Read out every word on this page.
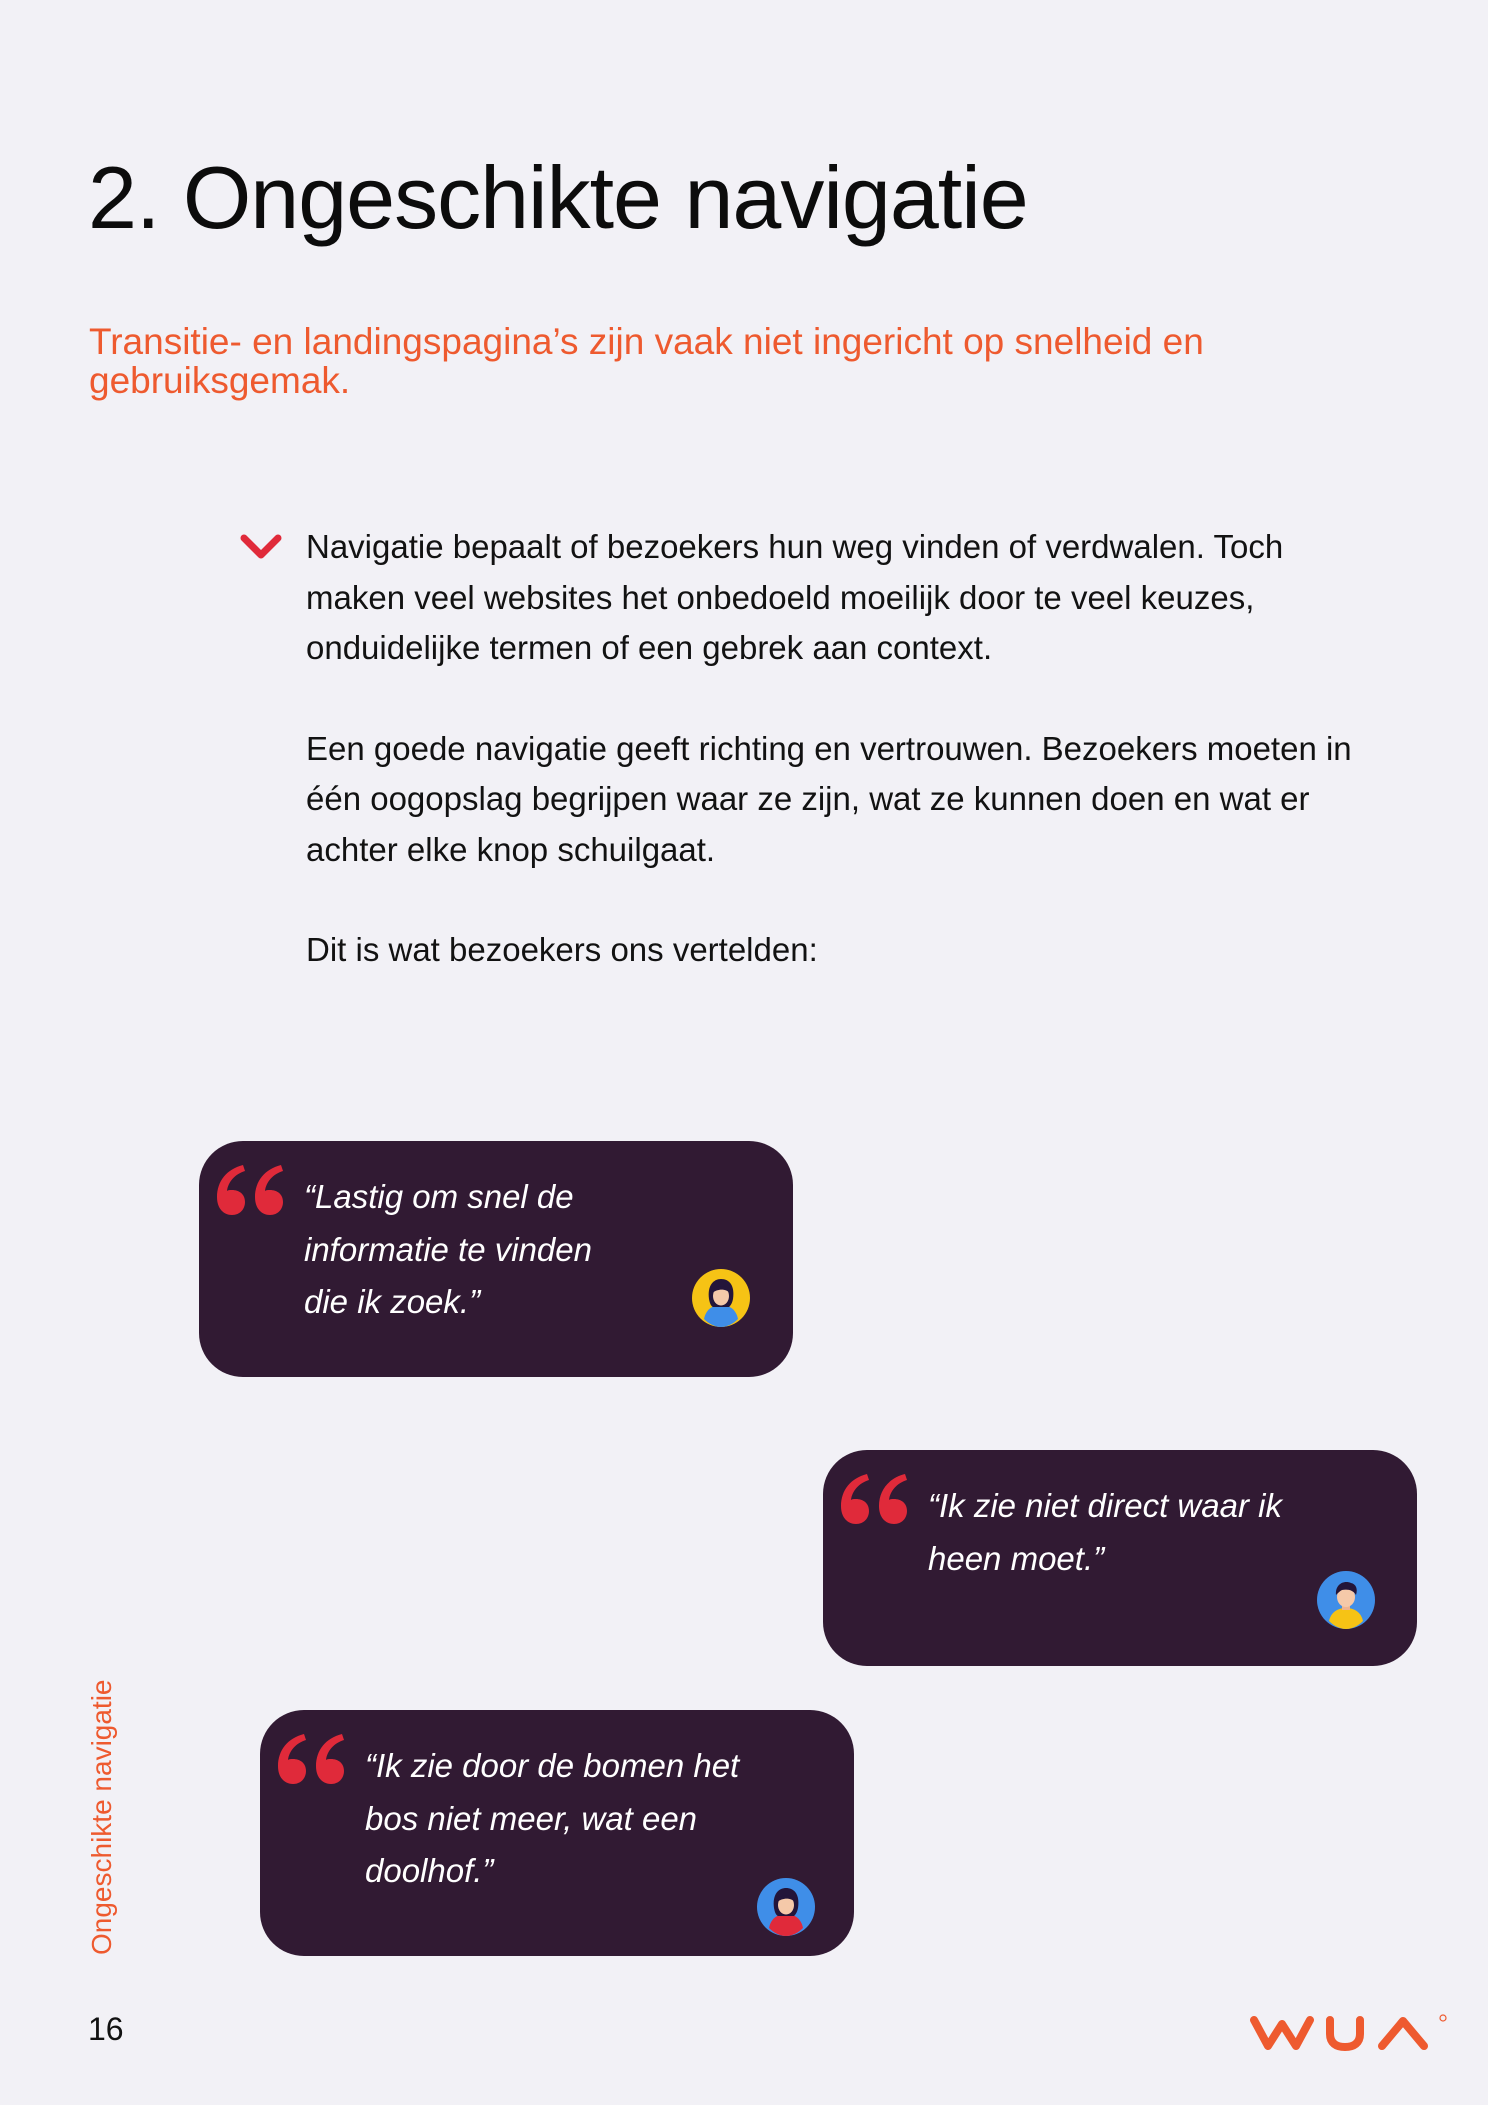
2. Ongeschikte navigatie
Transitie- en landingspagina’s zijn vaak niet ingericht op snelheid en gebruiksgemak.

Navigatie bepaalt of bezoekers hun weg vinden of verdwalen. Toch maken veel websites het onbedoeld moeilijk door te veel keuzes, onduidelijke termen of een gebrek aan context.

Een goede navigatie geeft richting en vertrouwen. Bezoekers moeten in één oogopslag begrijpen waar ze zijn, wat ze kunnen doen en wat er achter elke knop schuilgaat.

Dit is wat bezoekers ons vertelden:

“Lastig om snel de informatie te vinden die ik zoek.”

“Ik zie niet direct waar ik heen moet.”

“Ik zie door de bomen het bos niet meer, wat een doolhof.”

Ongeschikte navigatie
16
